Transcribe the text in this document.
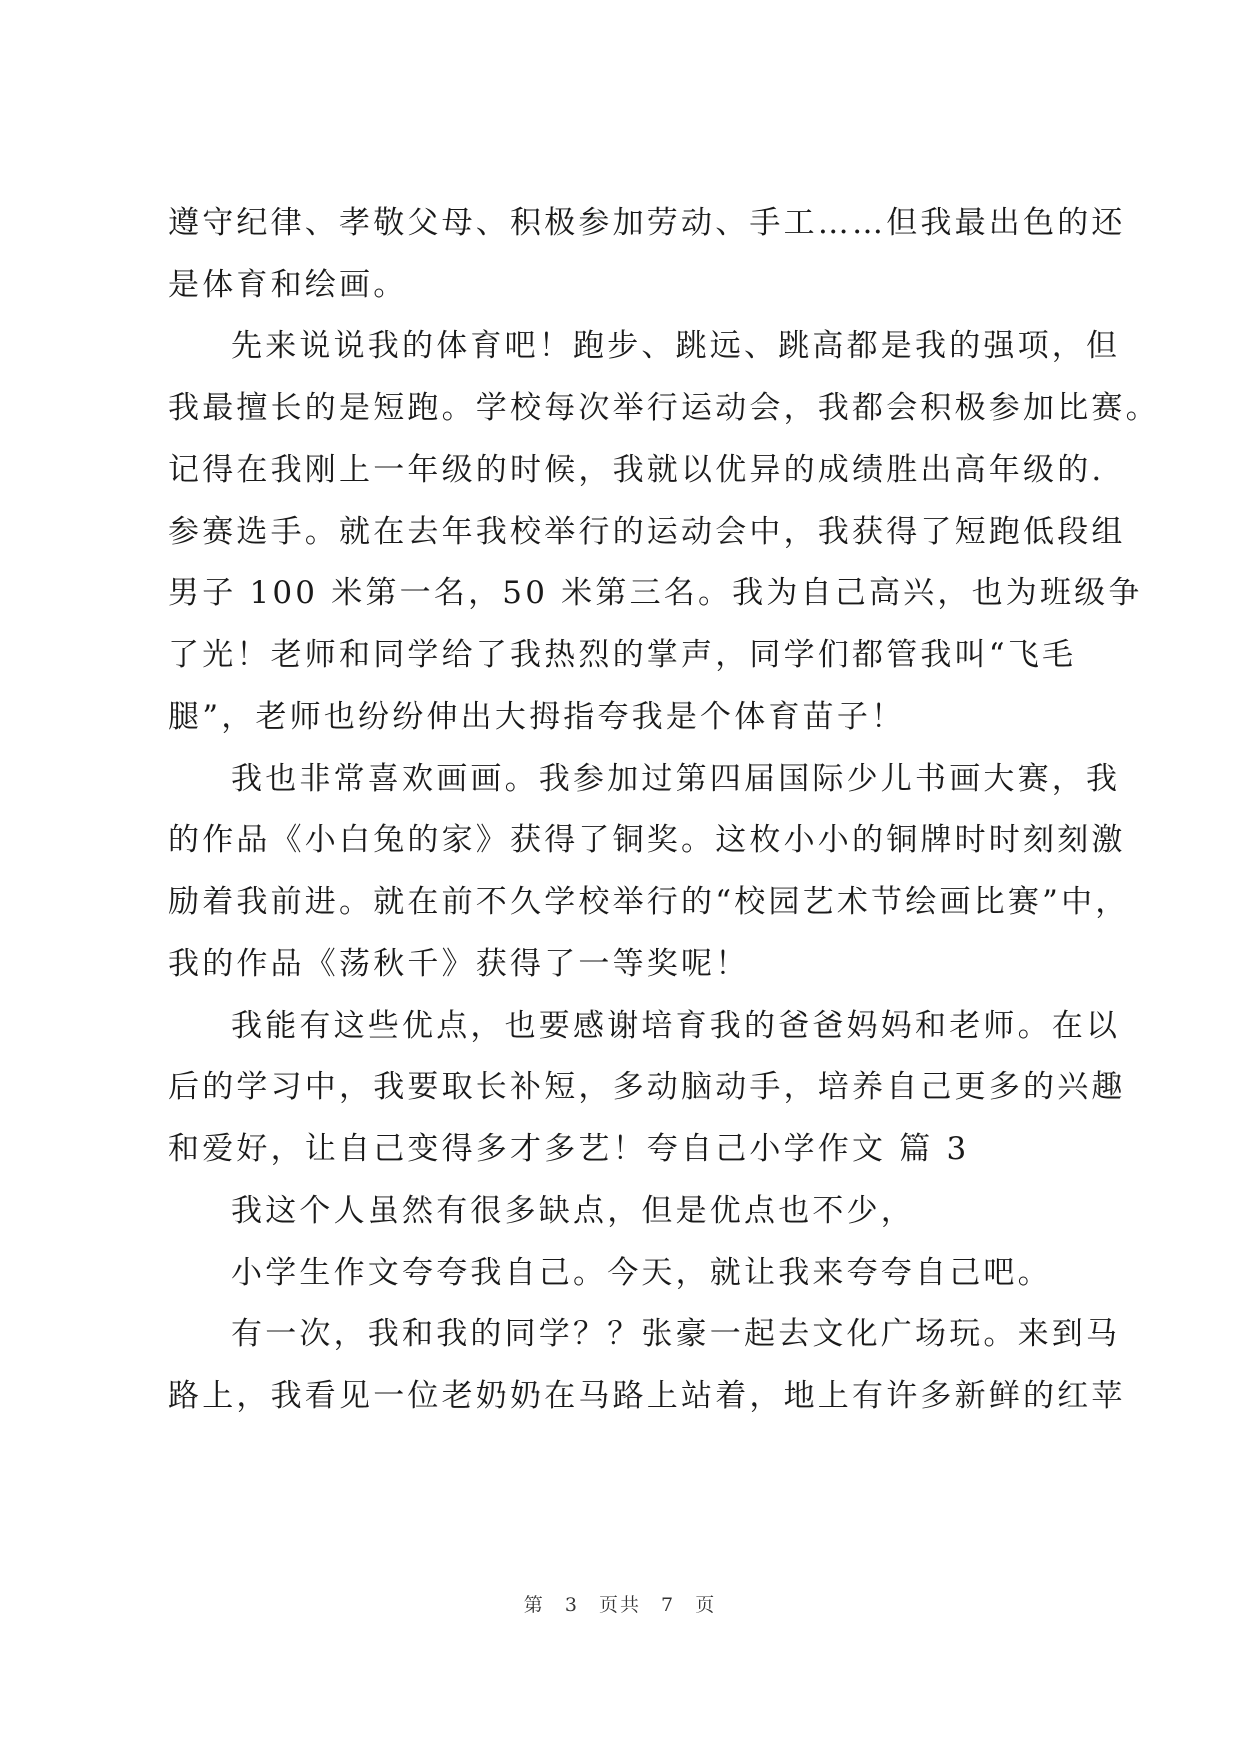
遵守纪律、孝敬父母、积极参加劳动、手工……但我最出色的还
是体育和绘画。
先来说说我的体育吧！跑步、跳远、跳高都是我的强项，但
我最擅长的是短跑。学校每次举行运动会，我都会积极参加比赛。
记得在我刚上一年级的时候，我就以优异的成绩胜出高年级的.
参赛选手。就在去年我校举行的运动会中，我获得了短跑低段组
男子 100 米第一名，50 米第三名。我为自己高兴，也为班级争
了光！老师和同学给了我热烈的掌声，同学们都管我叫“飞毛
腿”，老师也纷纷伸出大拇指夸我是个体育苗子！
我也非常喜欢画画。我参加过第四届国际少儿书画大赛，我
的作品《小白兔的家》获得了铜奖。这枚小小的铜牌时时刻刻激
励着我前进。就在前不久学校举行的“校园艺术节绘画比赛”中，
我的作品《荡秋千》获得了一等奖呢！
我能有这些优点，也要感谢培育我的爸爸妈妈和老师。在以
后的学习中，我要取长补短，多动脑动手，培养自己更多的兴趣
和爱好，让自己变得多才多艺！夸自己小学作文 篇 3
我这个人虽然有很多缺点，但是优点也不少，
小学生作文夸夸我自己。今天，就让我来夸夸自己吧。
有一次，我和我的同学？？张豪一起去文化广场玩。来到马
路上，我看见一位老奶奶在马路上站着，地上有许多新鲜的红苹
第 3 页共 7 页
